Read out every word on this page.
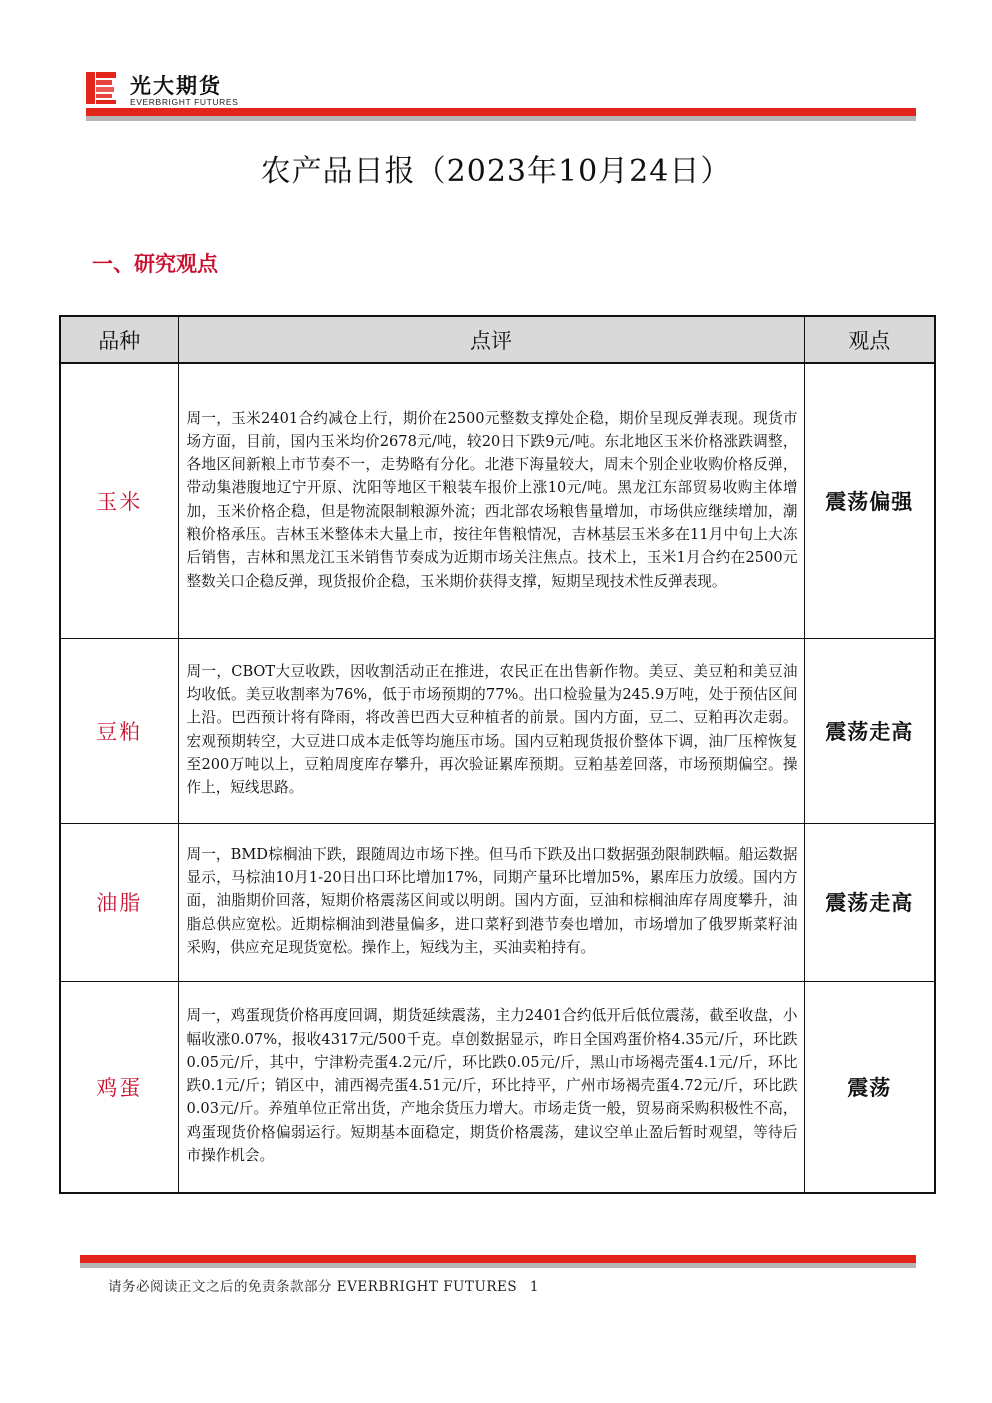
光大期货
EVERBRIGHT FUTURES
农产品日报（2023年10月24日）
一、研究观点
品种	点评	观点
玉米	周一，玉米2401合约减仓上行，期价在2500元整数支撑处企稳，期价呈现反弹表现。现货市场方面，目前，国内玉米均价2678元/吨，较20日下跌9元/吨。东北地区玉米价格涨跌调整，各地区间新粮上市节奏不一，走势略有分化。北港下海量较大，周末个别企业收购价格反弹，带动集港腹地辽宁开原、沈阳等地区干粮装车报价上涨10元/吨。黑龙江东部贸易收购主体增加，玉米价格企稳，但是物流限制粮源外流；西北部农场粮售量增加，市场供应继续增加，潮粮价格承压。吉林玉米整体未大量上市，按往年售粮情况，吉林基层玉米多在11月中旬上大冻后销售，吉林和黑龙江玉米销售节奏成为近期市场关注焦点。技术上，玉米1月合约在2500元整数关口企稳反弹，现货报价企稳，玉米期价获得支撑，短期呈现技术性反弹表现。	震荡偏强
豆粕	周一，CBOT大豆收跌，因收割活动正在推进，农民正在出售新作物。美豆、美豆粕和美豆油均收低。美豆收割率为76%，低于市场预期的77%。出口检验量为245.9万吨，处于预估区间上沿。巴西预计将有降雨，将改善巴西大豆种植者的前景。国内方面，豆二、豆粕再次走弱。宏观预期转空，大豆进口成本走低等均施压市场。国内豆粕现货报价整体下调，油厂压榨恢复至200万吨以上，豆粕周度库存攀升，再次验证累库预期。豆粕基差回落，市场预期偏空。操作上，短线思路。	震荡走高
油脂	周一，BMD棕榈油下跌，跟随周边市场下挫。但马币下跌及出口数据强劲限制跌幅。船运数据显示，马棕油10月1-20日出口环比增加17%，同期产量环比增加5%，累库压力放缓。国内方面，油脂期价回落，短期价格震荡区间或以明朗。国内方面，豆油和棕榈油库存周度攀升，油脂总供应宽松。近期棕榈油到港量偏多，进口菜籽到港节奏也增加，市场增加了俄罗斯菜籽油采购，供应充足现货宽松。操作上，短线为主，买油卖粕持有。	震荡走高
鸡蛋	周一，鸡蛋现货价格再度回调，期货延续震荡，主力2401合约低开后低位震荡，截至收盘，小幅收涨0.07%，报收4317元/500千克。卓创数据显示，昨日全国鸡蛋价格4.35元/斤，环比跌0.05元/斤，其中，宁津粉壳蛋4.2元/斤，环比跌0.05元/斤，黑山市场褐壳蛋4.1元/斤，环比跌0.1元/斤；销区中，浦西褐壳蛋4.51元/斤，环比持平，广州市场褐壳蛋4.72元/斤，环比跌0.03元/斤。养殖单位正常出货，产地余货压力增大。市场走货一般，贸易商采购积极性不高，鸡蛋现货价格偏弱运行。短期基本面稳定，期货价格震荡，建议空单止盈后暂时观望，等待后市操作机会。	震荡
请务必阅读正文之后的免责条款部分 EVERBRIGHT FUTURES 1
